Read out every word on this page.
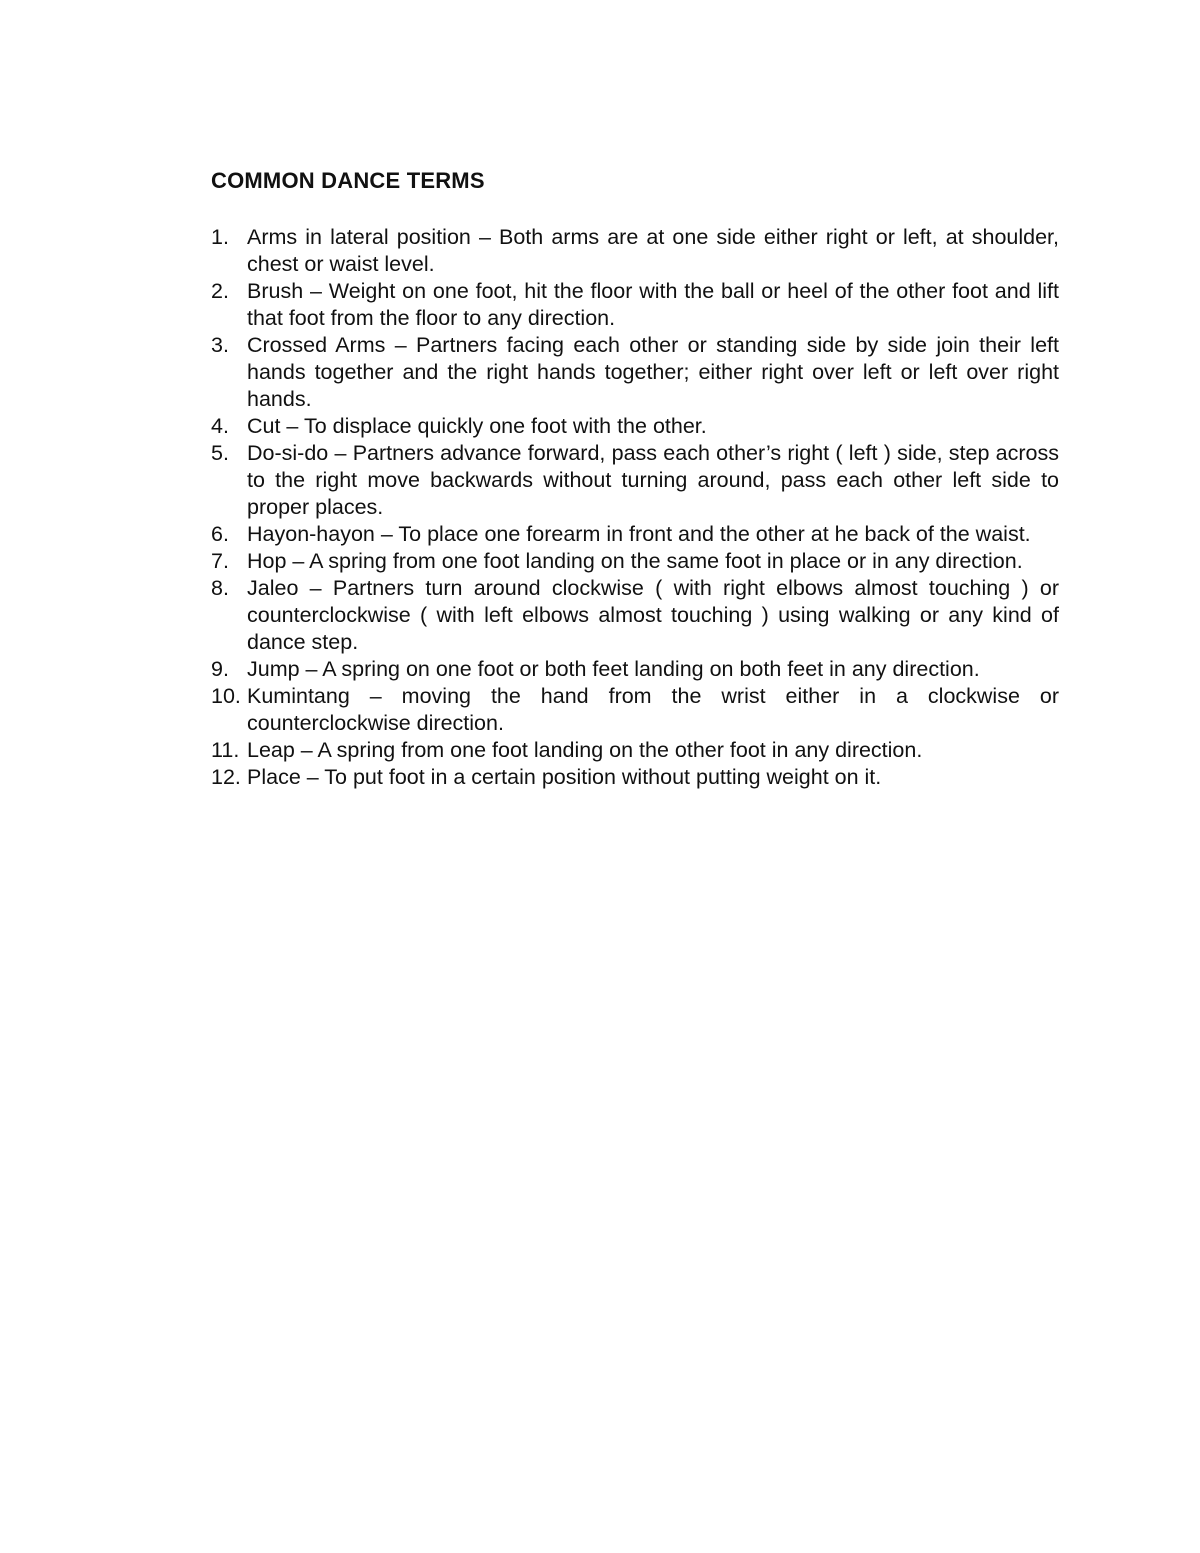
COMMON DANCE TERMS
1. Arms in lateral position – Both arms are at one side either right or left, at shoulder, chest or waist level.
2. Brush – Weight on one foot, hit the floor with the ball or heel of the other foot and lift that foot from the floor to any direction.
3. Crossed Arms – Partners facing each other or standing side by side join their left hands together and the right hands together; either right over left or left over right hands.
4. Cut – To displace quickly one foot with the other.
5. Do-si-do – Partners advance forward, pass each other’s right ( left ) side, step across to the right move backwards without turning around, pass each other left side to proper places.
6. Hayon-hayon – To place one forearm in front and the other at he back of the waist.
7. Hop – A spring from one foot landing on the same foot in place or in any direction.
8. Jaleo – Partners turn around clockwise ( with right elbows almost touching ) or counterclockwise ( with left elbows almost touching ) using walking or any kind of dance step.
9. Jump – A spring on one foot or both feet landing on both feet in any direction.
10. Kumintang – moving the hand from the wrist either in a clockwise or counterclockwise direction.
11. Leap – A spring from one foot landing on the other foot in any direction.
12. Place – To put foot in a certain position without putting weight on it.
